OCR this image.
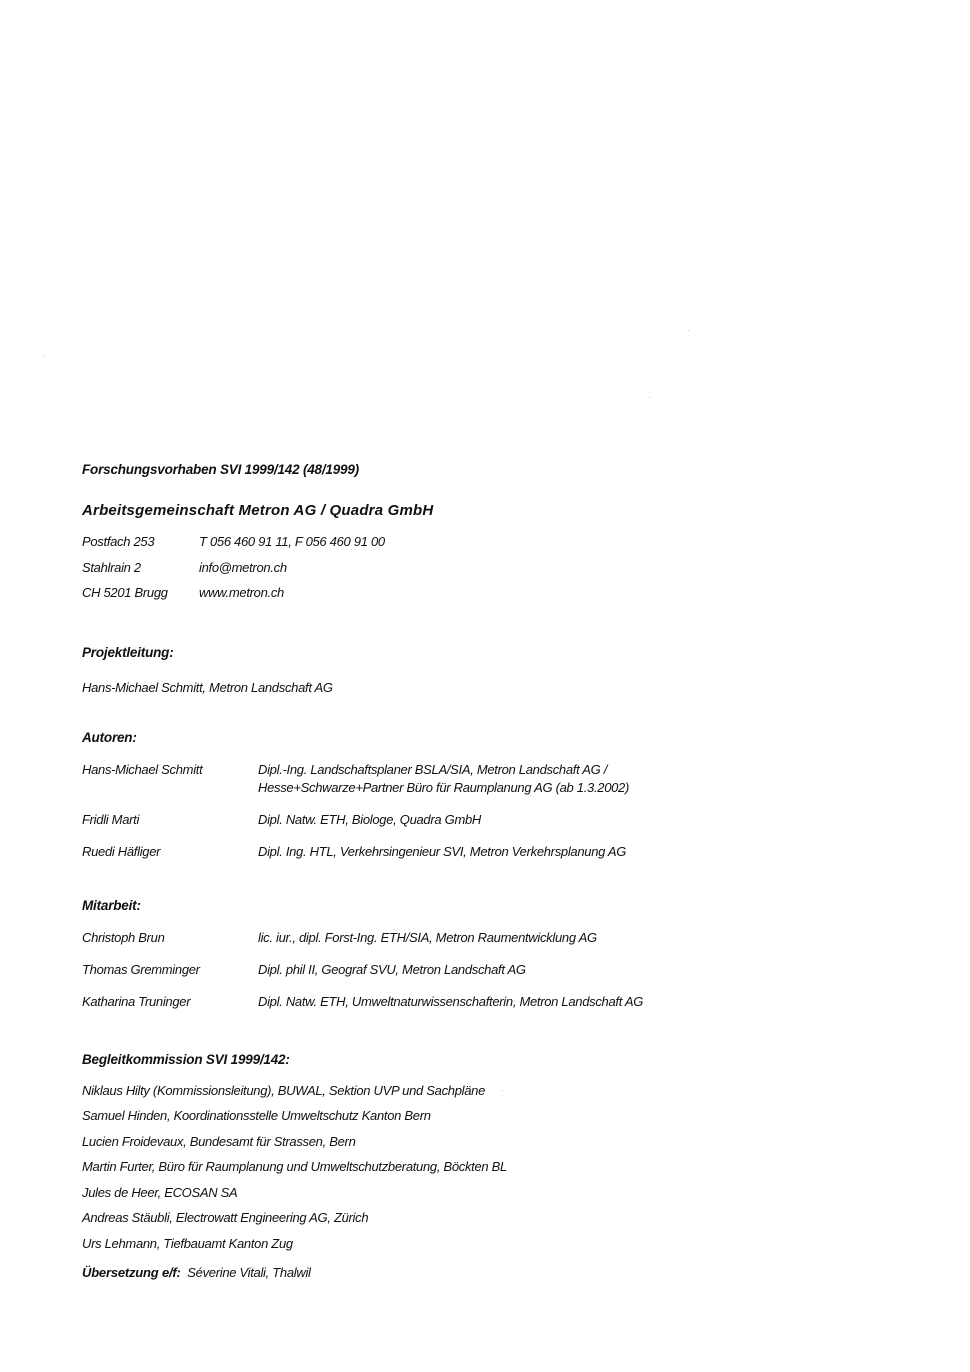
Forschungsvorhaben SVI 1999/142 (48/1999)
Arbeitsgemeinschaft Metron AG / Quadra GmbH
Postfach 253	T 056 460 91 11, F 056 460 91 00
Stahlrain 2	info@metron.ch
CH 5201 Brugg www.metron.ch
Projektleitung:
Hans-Michael Schmitt, Metron Landschaft AG
Autoren:
Hans-Michael Schmitt	Dipl.-Ing. Landschaftsplaner BSLA/SIA, Metron Landschaft AG /
Hesse+Schwarze+Partner Büro für Raumplanung AG (ab 1.3.2002)
Fridli Marti	Dipl. Natw. ETH, Biologe, Quadra GmbH
Ruedi Häfliger	Dipl. Ing. HTL, Verkehrsingenieur SVI, Metron Verkehrsplanung AG
Mitarbeit:
Christoph Brun	lic. iur., dipl. Forst-Ing. ETH/SIA, Metron Raumentwicklung AG
Thomas Gremminger	Dipl. phil II, Geograf SVU, Metron Landschaft AG
Katharina Truninger	Dipl. Natw. ETH, Umweltnaturwissenschafterin, Metron Landschaft AG
Begleitkommission SVI 1999/142:
Niklaus Hilty (Kommissionsleitung), BUWAL, Sektion UVP und Sachpläne
Samuel Hinden, Koordinationsstelle Umweltschutz Kanton Bern
Lucien Froidevaux, Bundesamt für Strassen, Bern
Martin Furter, Büro für Raumplanung und Umweltschutzberatung, Böckten BL
Jules de Heer, ECOSAN SA
Andreas Stäubli, Electrowatt Engineering AG, Zürich
Urs Lehmann, Tiefbauamt Kanton Zug
Übersetzung e/f: Séverine Vitali, Thalwil
